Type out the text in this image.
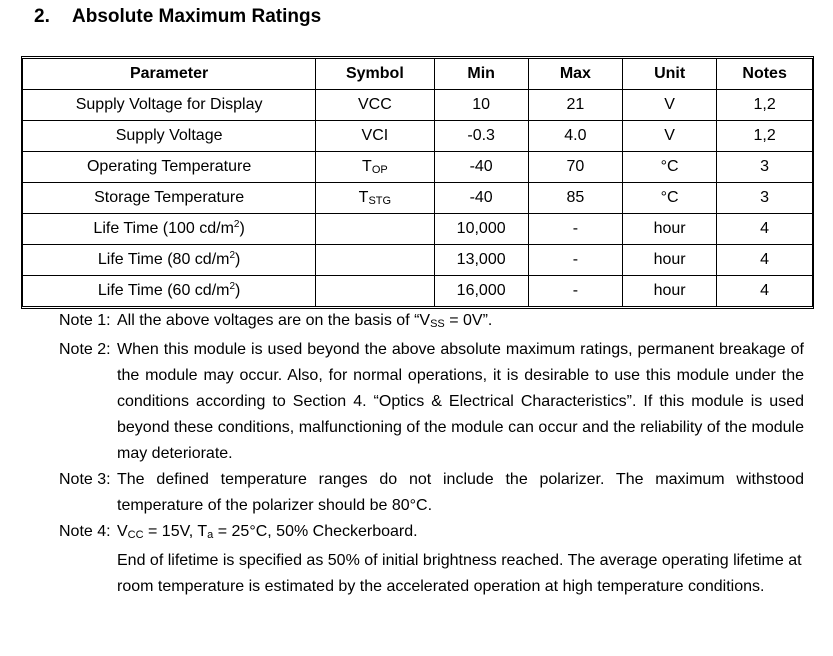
2. Absolute Maximum Ratings
Parameter	Symbol	Min	Max	Unit	Notes
Supply Voltage for Display	VCC	10	21	V	1,2
Supply Voltage	VCI	-0.3	4.0	V	1,2
Operating Temperature	$T_{OP}$	-40	70	°C	3
Storage Temperature	$T_{STG}$	-40	85	°C	3
Life Time (100 $cd/m^2$)		10,000	-	hour	4
Life Time (80 $cd/m^2$)		13,000	-	hour	4
Life Time (60 $cd/m^2$)		16,000	-	hour	4
Note 1: All the above voltages are on the basis of “$V_{SS} = 0V$”.
Note 2: When this module is used beyond the above absolute maximum ratings, permanent breakage of the module may occur. Also, for normal operations, it is desirable to use this module under the conditions according to Section 4. “Optics & Electrical Characteristics”. If this module is used beyond these conditions, malfunctioning of the module can occur and the reliability of the module may deteriorate.
Note 3: The defined temperature ranges do not include the polarizer. The maximum withstood temperature of the polarizer should be 80°C.
Note 4: $V_{CC} = 15V$, $T_a = 25^\circ C$, 50% Checkerboard.
End of lifetime is specified as 50% of initial brightness reached. The average operating lifetime at room temperature is estimated by the accelerated operation at high temperature conditions.
